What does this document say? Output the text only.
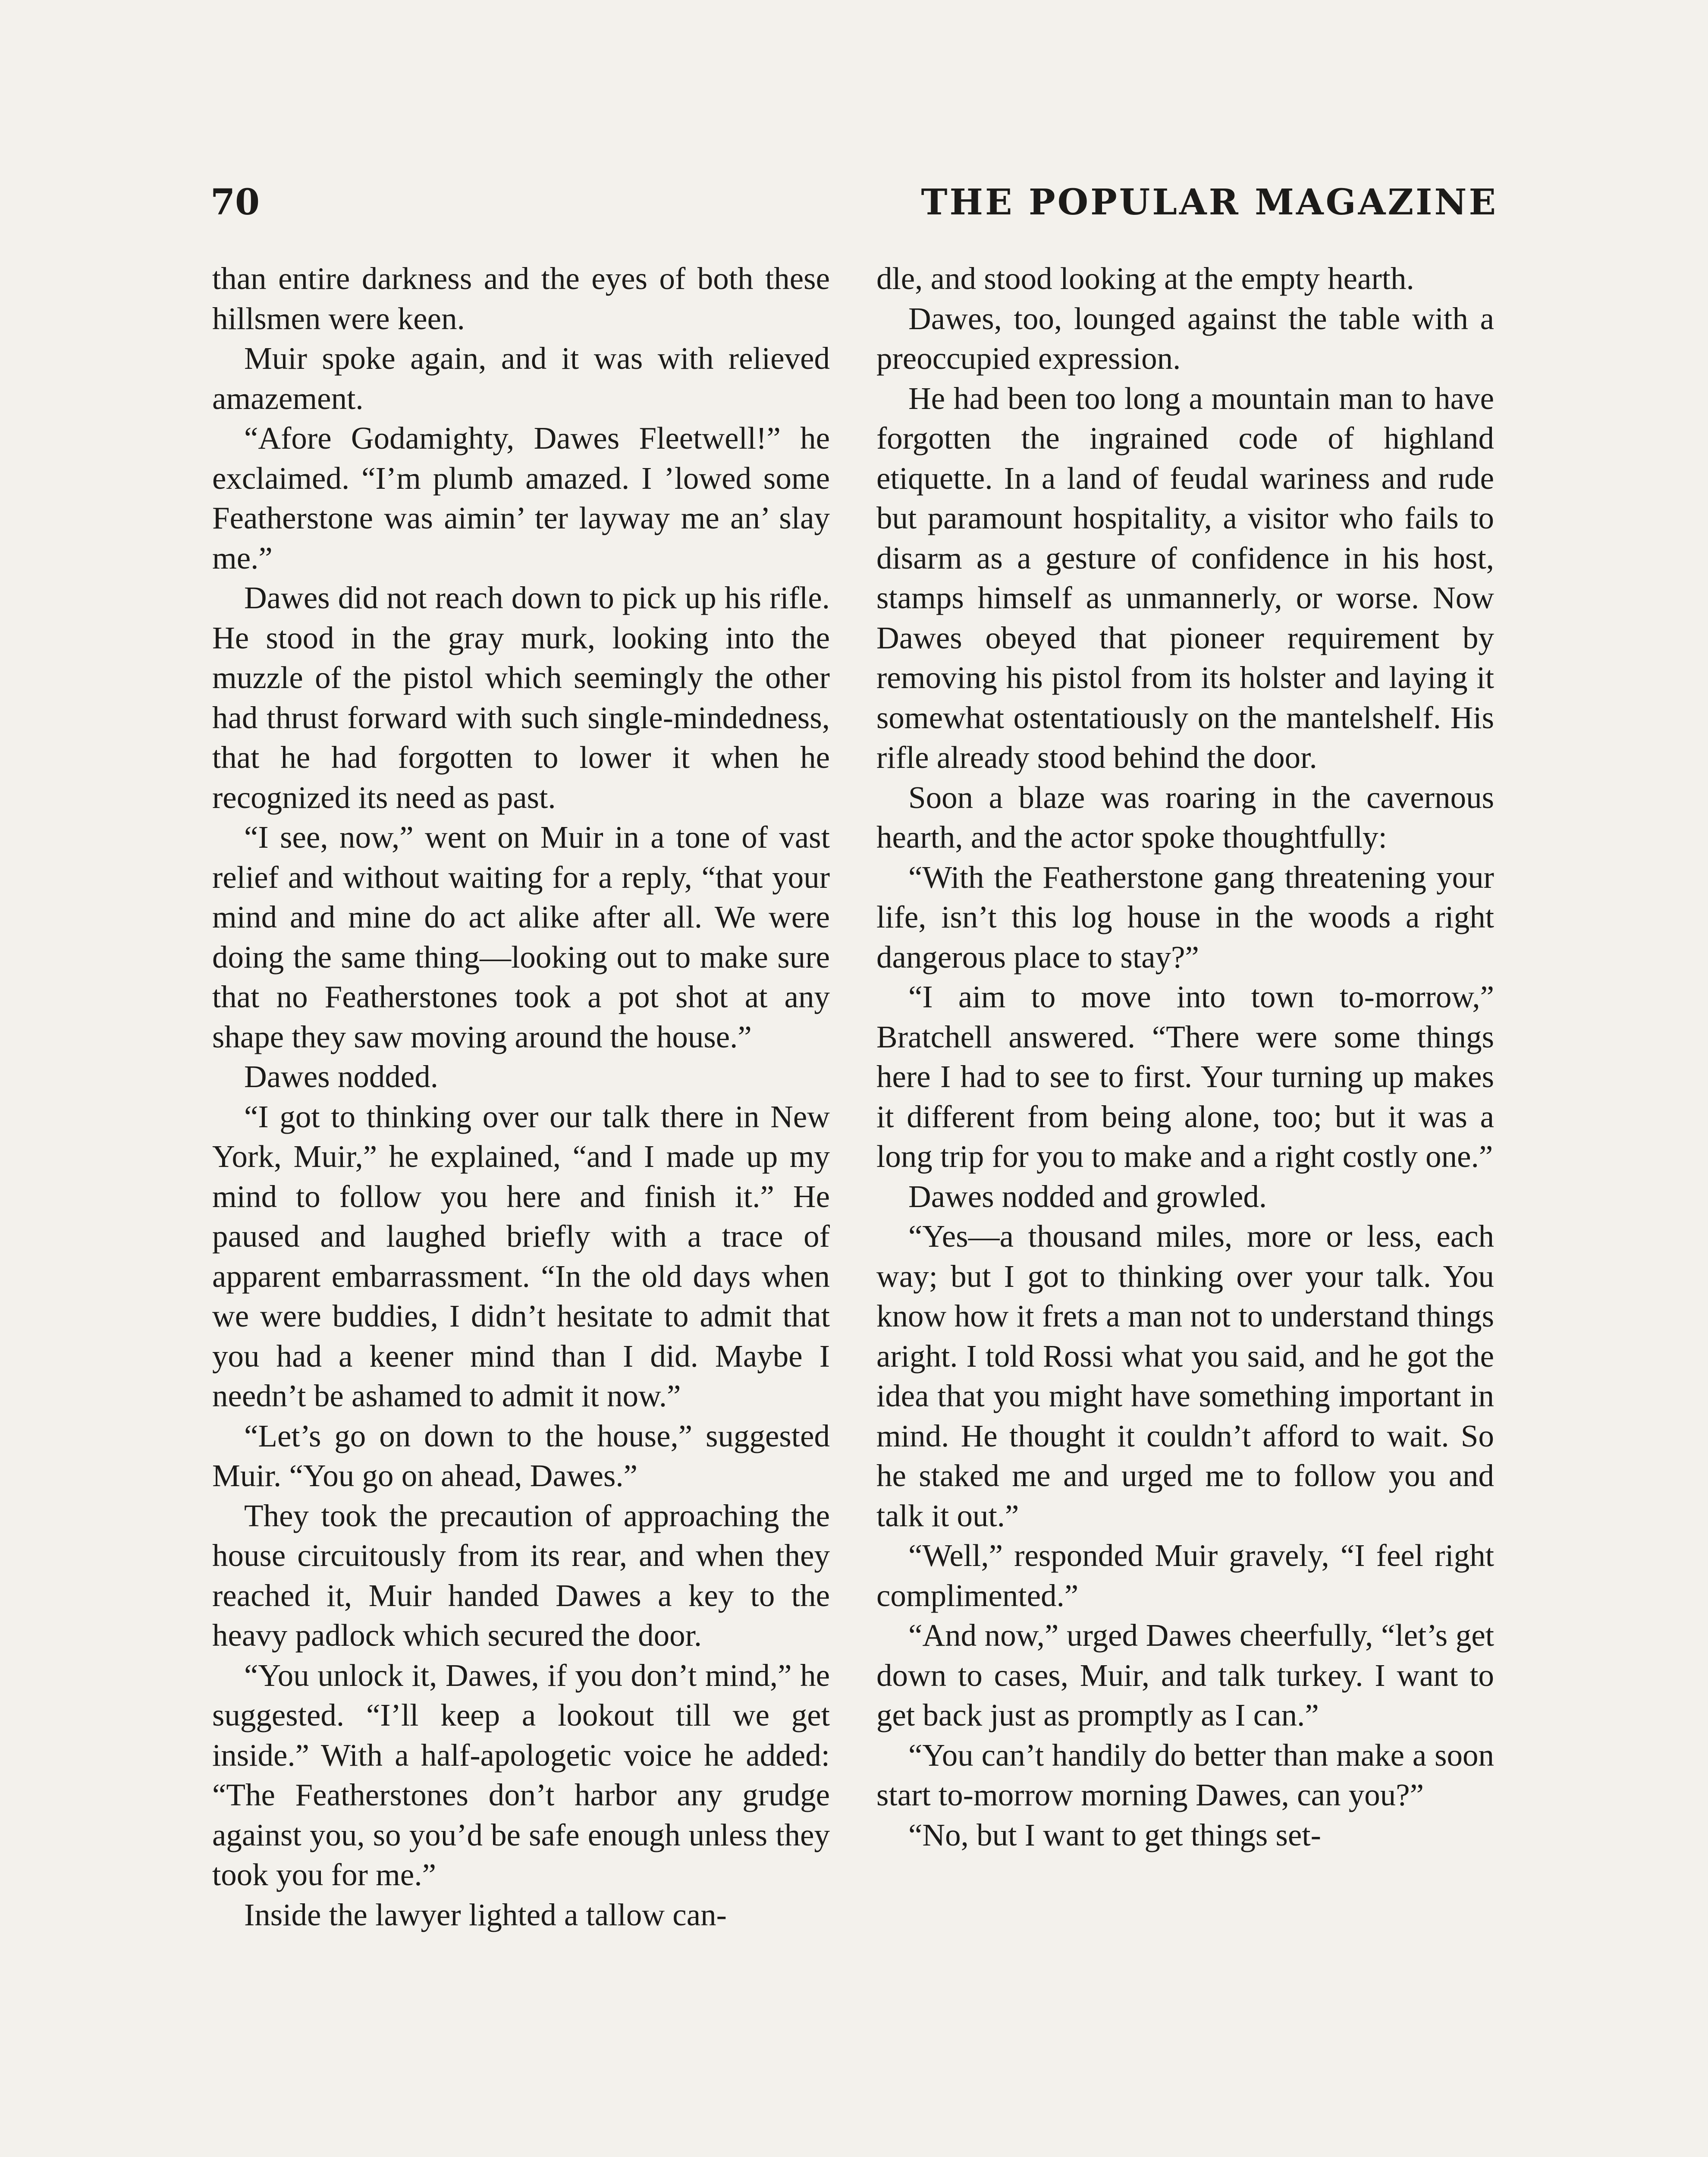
70	THE POPULAR MAGAZINE

than entire darkness and the eyes of both these hillsmen were keen.

Muir spoke again, and it was with relieved amazement.

“Afore Godamighty, Dawes Fleetwell!” he exclaimed. “I’m plumb amazed. I ’lowed some Featherstone was aimin’ ter layway me an’ slay me.”

Dawes did not reach down to pick up his rifle. He stood in the gray murk, looking into the muzzle of the pistol which seemingly the other had thrust forward with such single-mindedness, that he had forgotten to lower it when he recognized its need as past.

“I see, now,” went on Muir in a tone of vast relief and without waiting for a reply, “that your mind and mine do act alike after all. We were doing the same thing—looking out to make sure that no Featherstones took a pot shot at any shape they saw moving around the house.”

Dawes nodded.

“I got to thinking over our talk there in New York, Muir,” he explained, “and I made up my mind to follow you here and finish it.” He paused and laughed briefly with a trace of apparent embarrassment. “In the old days when we were buddies, I didn’t hesitate to admit that you had a keener mind than I did. Maybe I needn’t be ashamed to admit it now.”

“Let’s go on down to the house,” suggested Muir. “You go on ahead, Dawes.”

They took the precaution of approaching the house circuitously from its rear, and when they reached it, Muir handed Dawes a key to the heavy padlock which secured the door.

“You unlock it, Dawes, if you don’t mind,” he suggested. “I’ll keep a lookout till we get inside.” With a half-apologetic voice he added: “The Featherstones don’t harbor any grudge against you, so you’d be safe enough unless they took you for me.”

Inside the lawyer lighted a tallow can-

dle, and stood looking at the empty hearth.

Dawes, too, lounged against the table with a preoccupied expression.

He had been too long a mountain man to have forgotten the ingrained code of highland etiquette. In a land of feudal wariness and rude but paramount hospitality, a visitor who fails to disarm as a gesture of confidence in his host, stamps himself as unmannerly, or worse. Now Dawes obeyed that pioneer requirement by removing his pistol from its holster and laying it somewhat ostentatiously on the mantelshelf. His rifle already stood behind the door.

Soon a blaze was roaring in the cavernous hearth, and the actor spoke thoughtfully:

“With the Featherstone gang threatening your life, isn’t this log house in the woods a right dangerous place to stay?”

“I aim to move into town to-morrow,” Bratchell answered. “There were some things here I had to see to first. Your turning up makes it different from being alone, too; but it was a long trip for you to make and a right costly one.”

Dawes nodded and growled.

“Yes—a thousand miles, more or less, each way; but I got to thinking over your talk. You know how it frets a man not to understand things aright. I told Rossi what you said, and he got the idea that you might have something important in mind. He thought it couldn’t afford to wait. So he staked me and urged me to follow you and talk it out.”

“Well,” responded Muir gravely, “I feel right complimented.”

“And now,” urged Dawes cheerfully, “let’s get down to cases, Muir, and talk turkey. I want to get back just as promptly as I can.”

“You can’t handily do better than make a soon start to-morrow morning Dawes, can you?”

“No, but I want to get things set-
